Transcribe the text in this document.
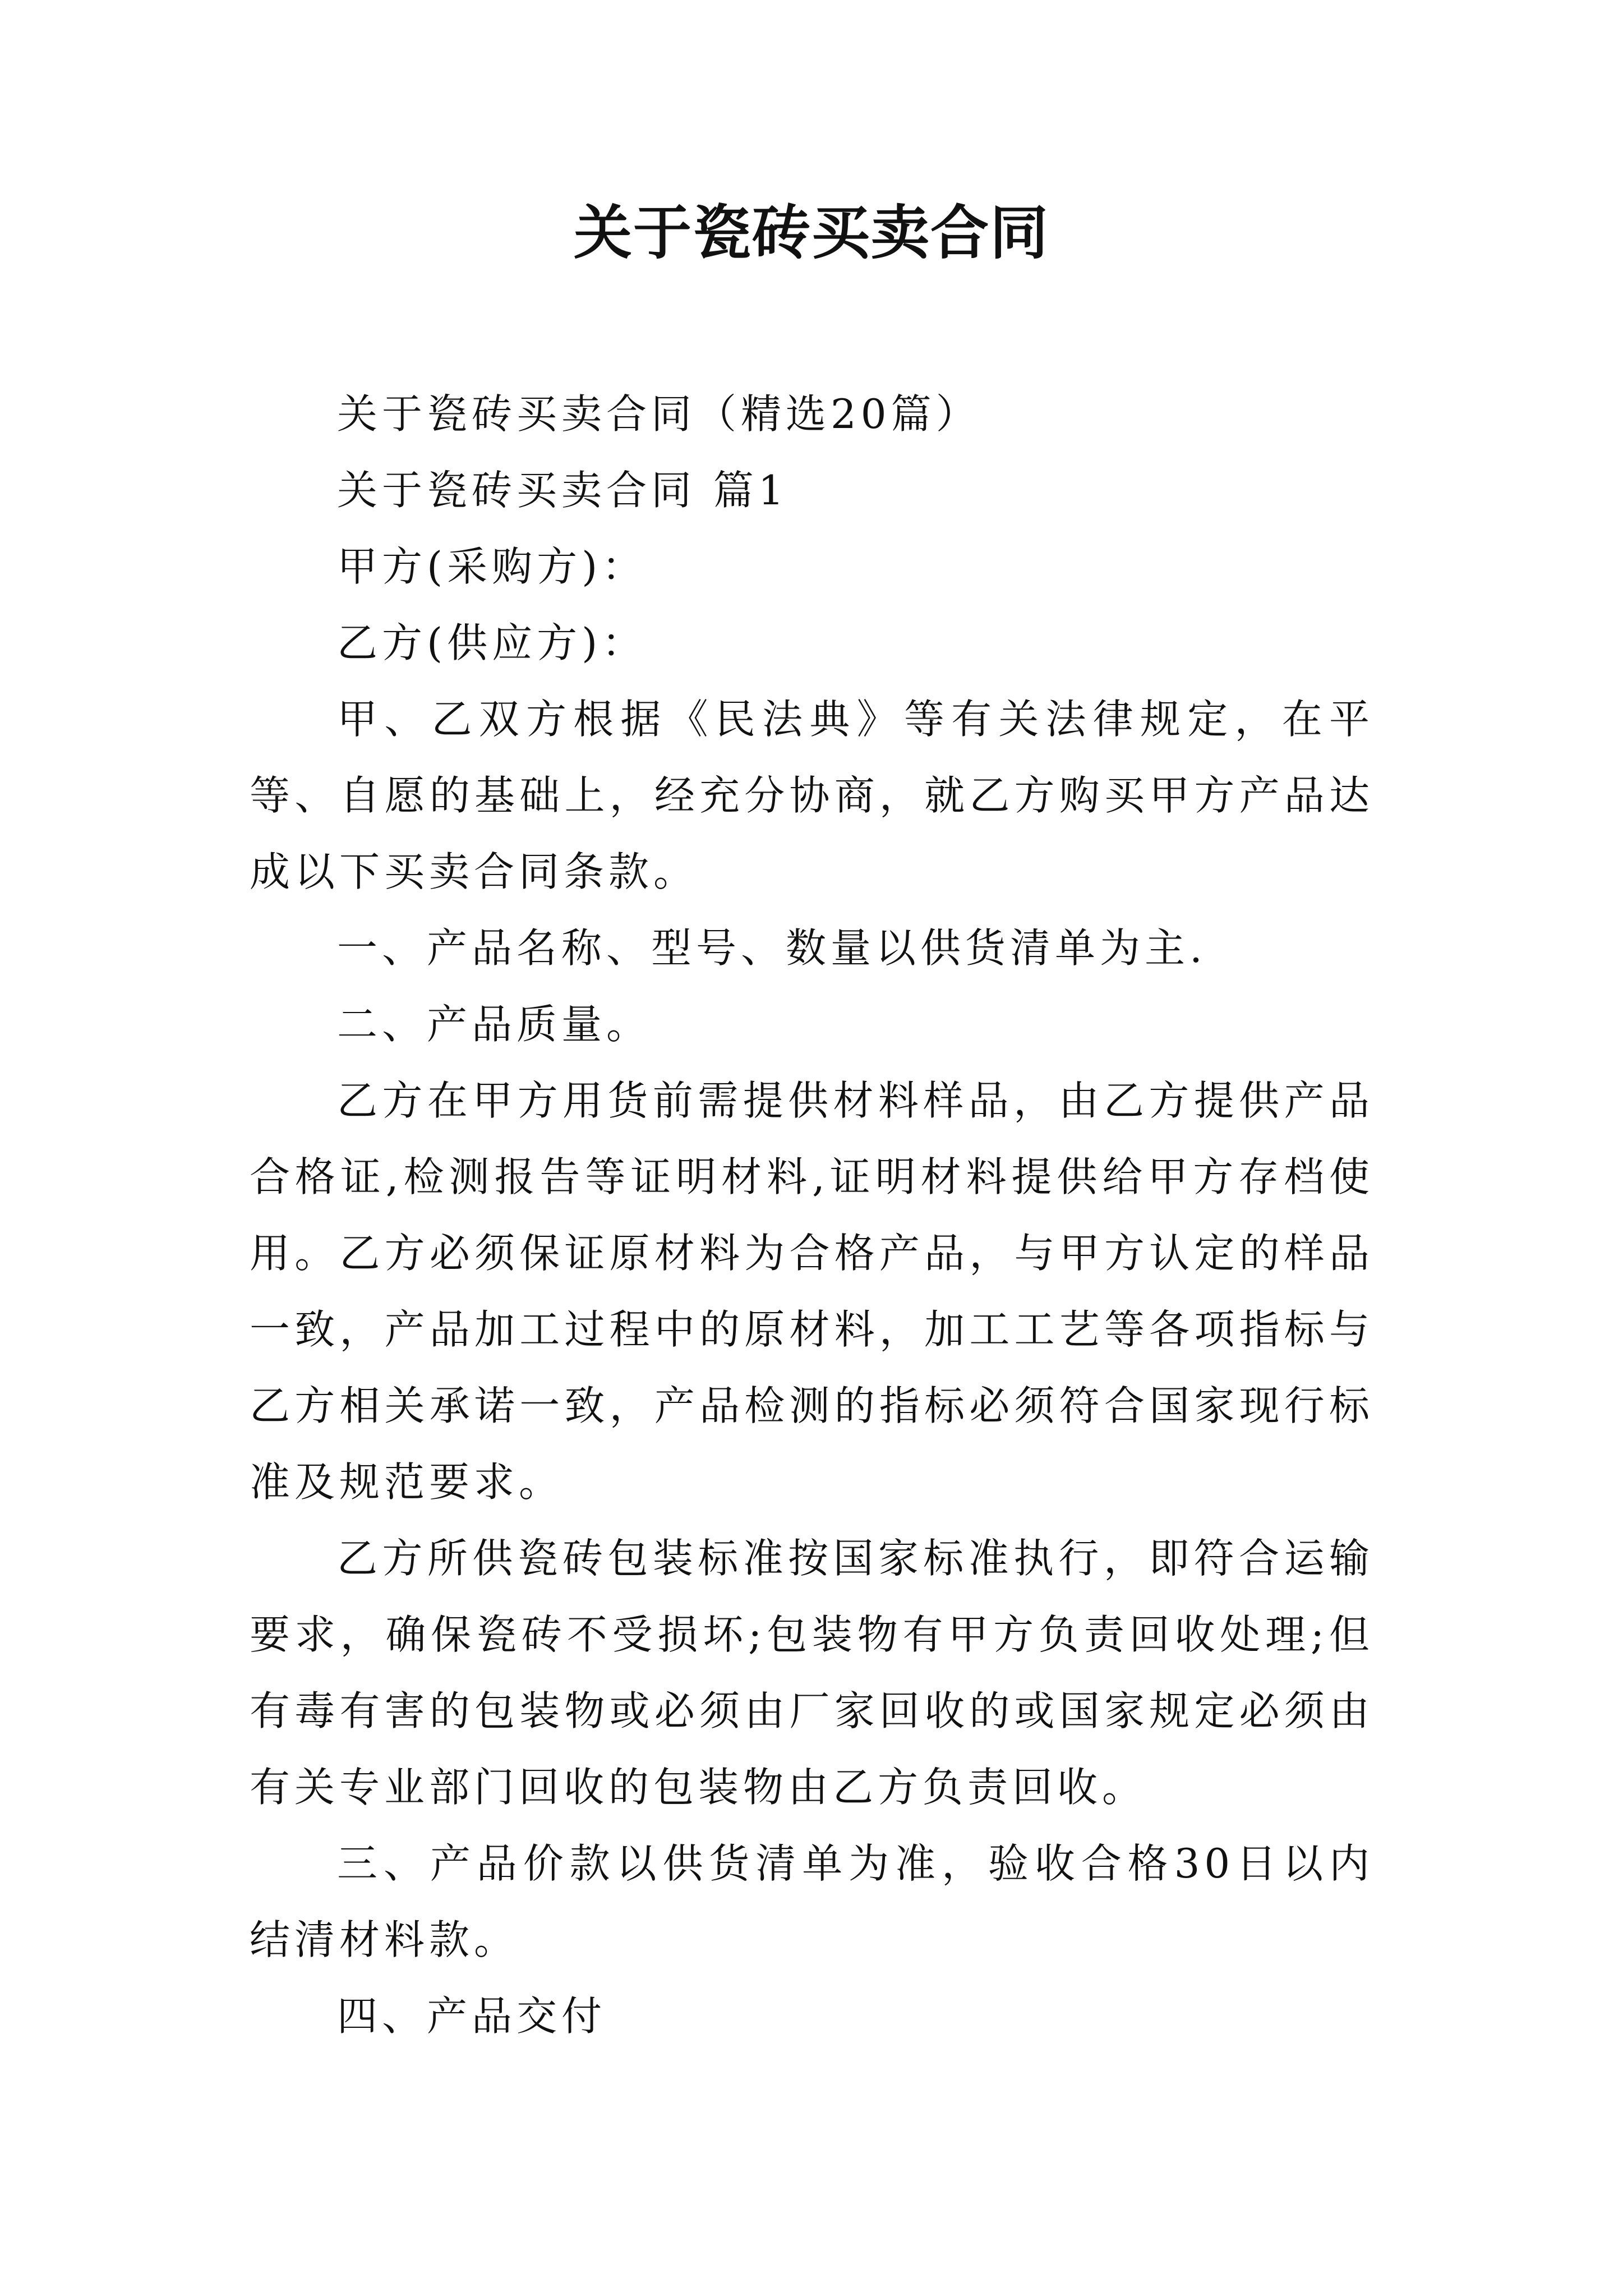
关于瓷砖买卖合同

关于瓷砖买卖合同（精选20篇）

关于瓷砖买卖合同 篇1

甲方(采购方)：

乙方(供应方)：

甲、乙双方根据《民法典》等有关法律规定，在平等、自愿的基础上，经充分协商，就乙方购买甲方产品达成以下买卖合同条款。

一、产品名称、型号、数量以供货清单为主.

二、产品质量。

乙方在甲方用货前需提供材料样品，由乙方提供产品合格证,检测报告等证明材料,证明材料提供给甲方存档使用。乙方必须保证原材料为合格产品，与甲方认定的样品一致，产品加工过程中的原材料，加工工艺等各项指标与乙方相关承诺一致，产品检测的指标必须符合国家现行标准及规范要求。

乙方所供瓷砖包装标准按国家标准执行，即符合运输要求，确保瓷砖不受损坏;包装物有甲方负责回收处理;但有毒有害的包装物或必须由厂家回收的或国家规定必须由有关专业部门回收的包装物由乙方负责回收。

三、产品价款以供货清单为准，验收合格30日以内结清材料款。

四、产品交付
